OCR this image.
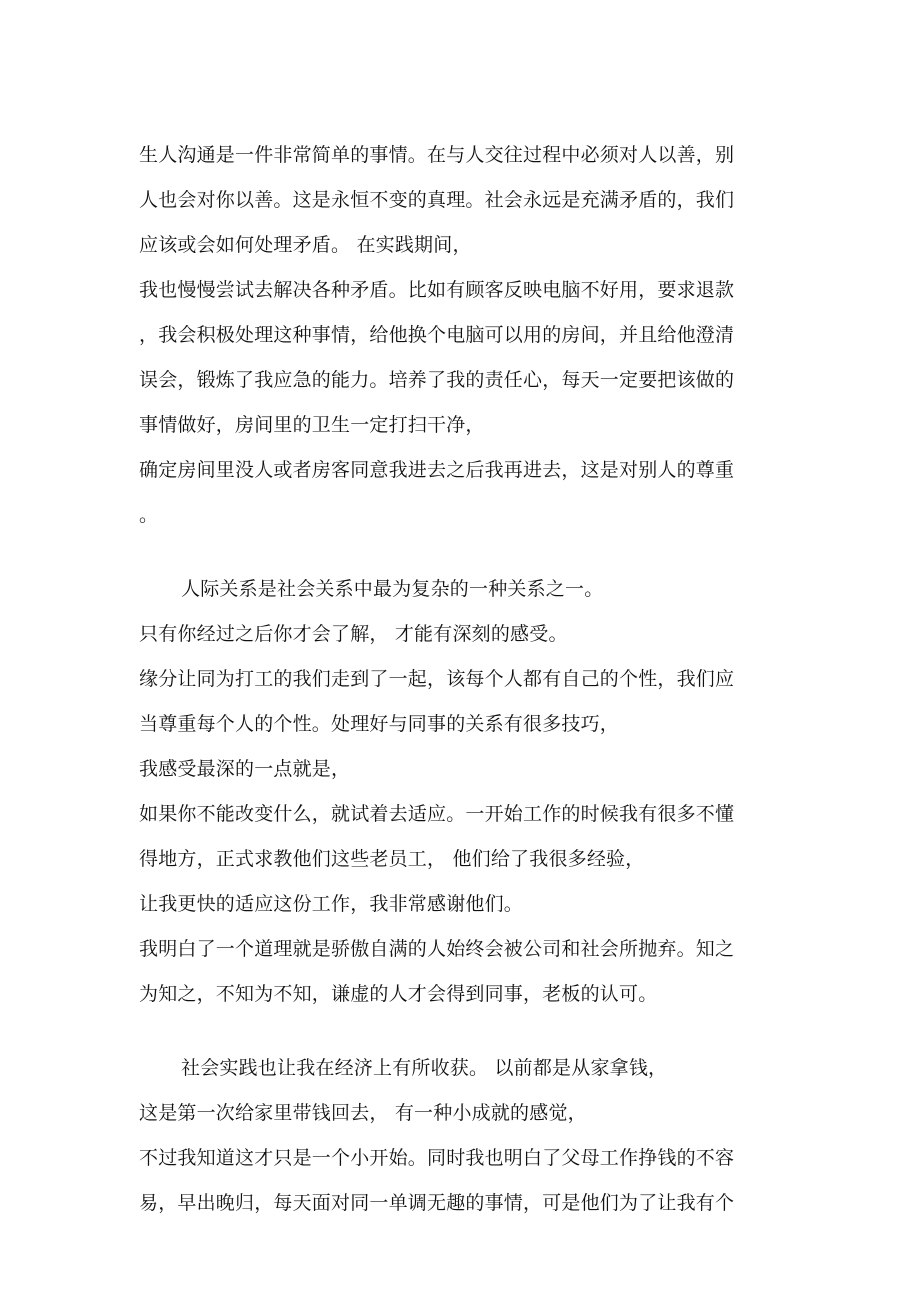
生人沟通是一件非常简单的事情。在与人交往过程中必须对人以善，别
人也会对你以善。这是永恒不变的真理。社会永远是充满矛盾的，我们
应该或会如何处理矛盾。 在实践期间，
我也慢慢尝试去解决各种矛盾。比如有顾客反映电脑不好用，要求退款
，我会积极处理这种事情，给他换个电脑可以用的房间，并且给他澄清
误会，锻炼了我应急的能力。培养了我的责任心，每天一定要把该做的
事情做好，房间里的卫生一定打扫干净，
确定房间里没人或者房客同意我进去之后我再进去，这是对别人的尊重
。
人际关系是社会关系中最为复杂的一种关系之一。
只有你经过之后你才会了解， 才能有深刻的感受。
缘分让同为打工的我们走到了一起，该每个人都有自己的个性，我们应
当尊重每个人的个性。处理好与同事的关系有很多技巧，
我感受最深的一点就是，
如果你不能改变什么，就试着去适应。一开始工作的时候我有很多不懂
得地方，正式求教他们这些老员工， 他们给了我很多经验，
让我更快的适应这份工作，我非常感谢他们。
我明白了一个道理就是骄傲自满的人始终会被公司和社会所抛弃。知之
为知之，不知为不知，谦虚的人才会得到同事，老板的认可。
社会实践也让我在经济上有所收获。 以前都是从家拿钱，
这是第一次给家里带钱回去， 有一种小成就的感觉，
不过我知道这才只是一个小开始。同时我也明白了父母工作挣钱的不容
易，早出晚归，每天面对同一单调无趣的事情，可是他们为了让我有个
